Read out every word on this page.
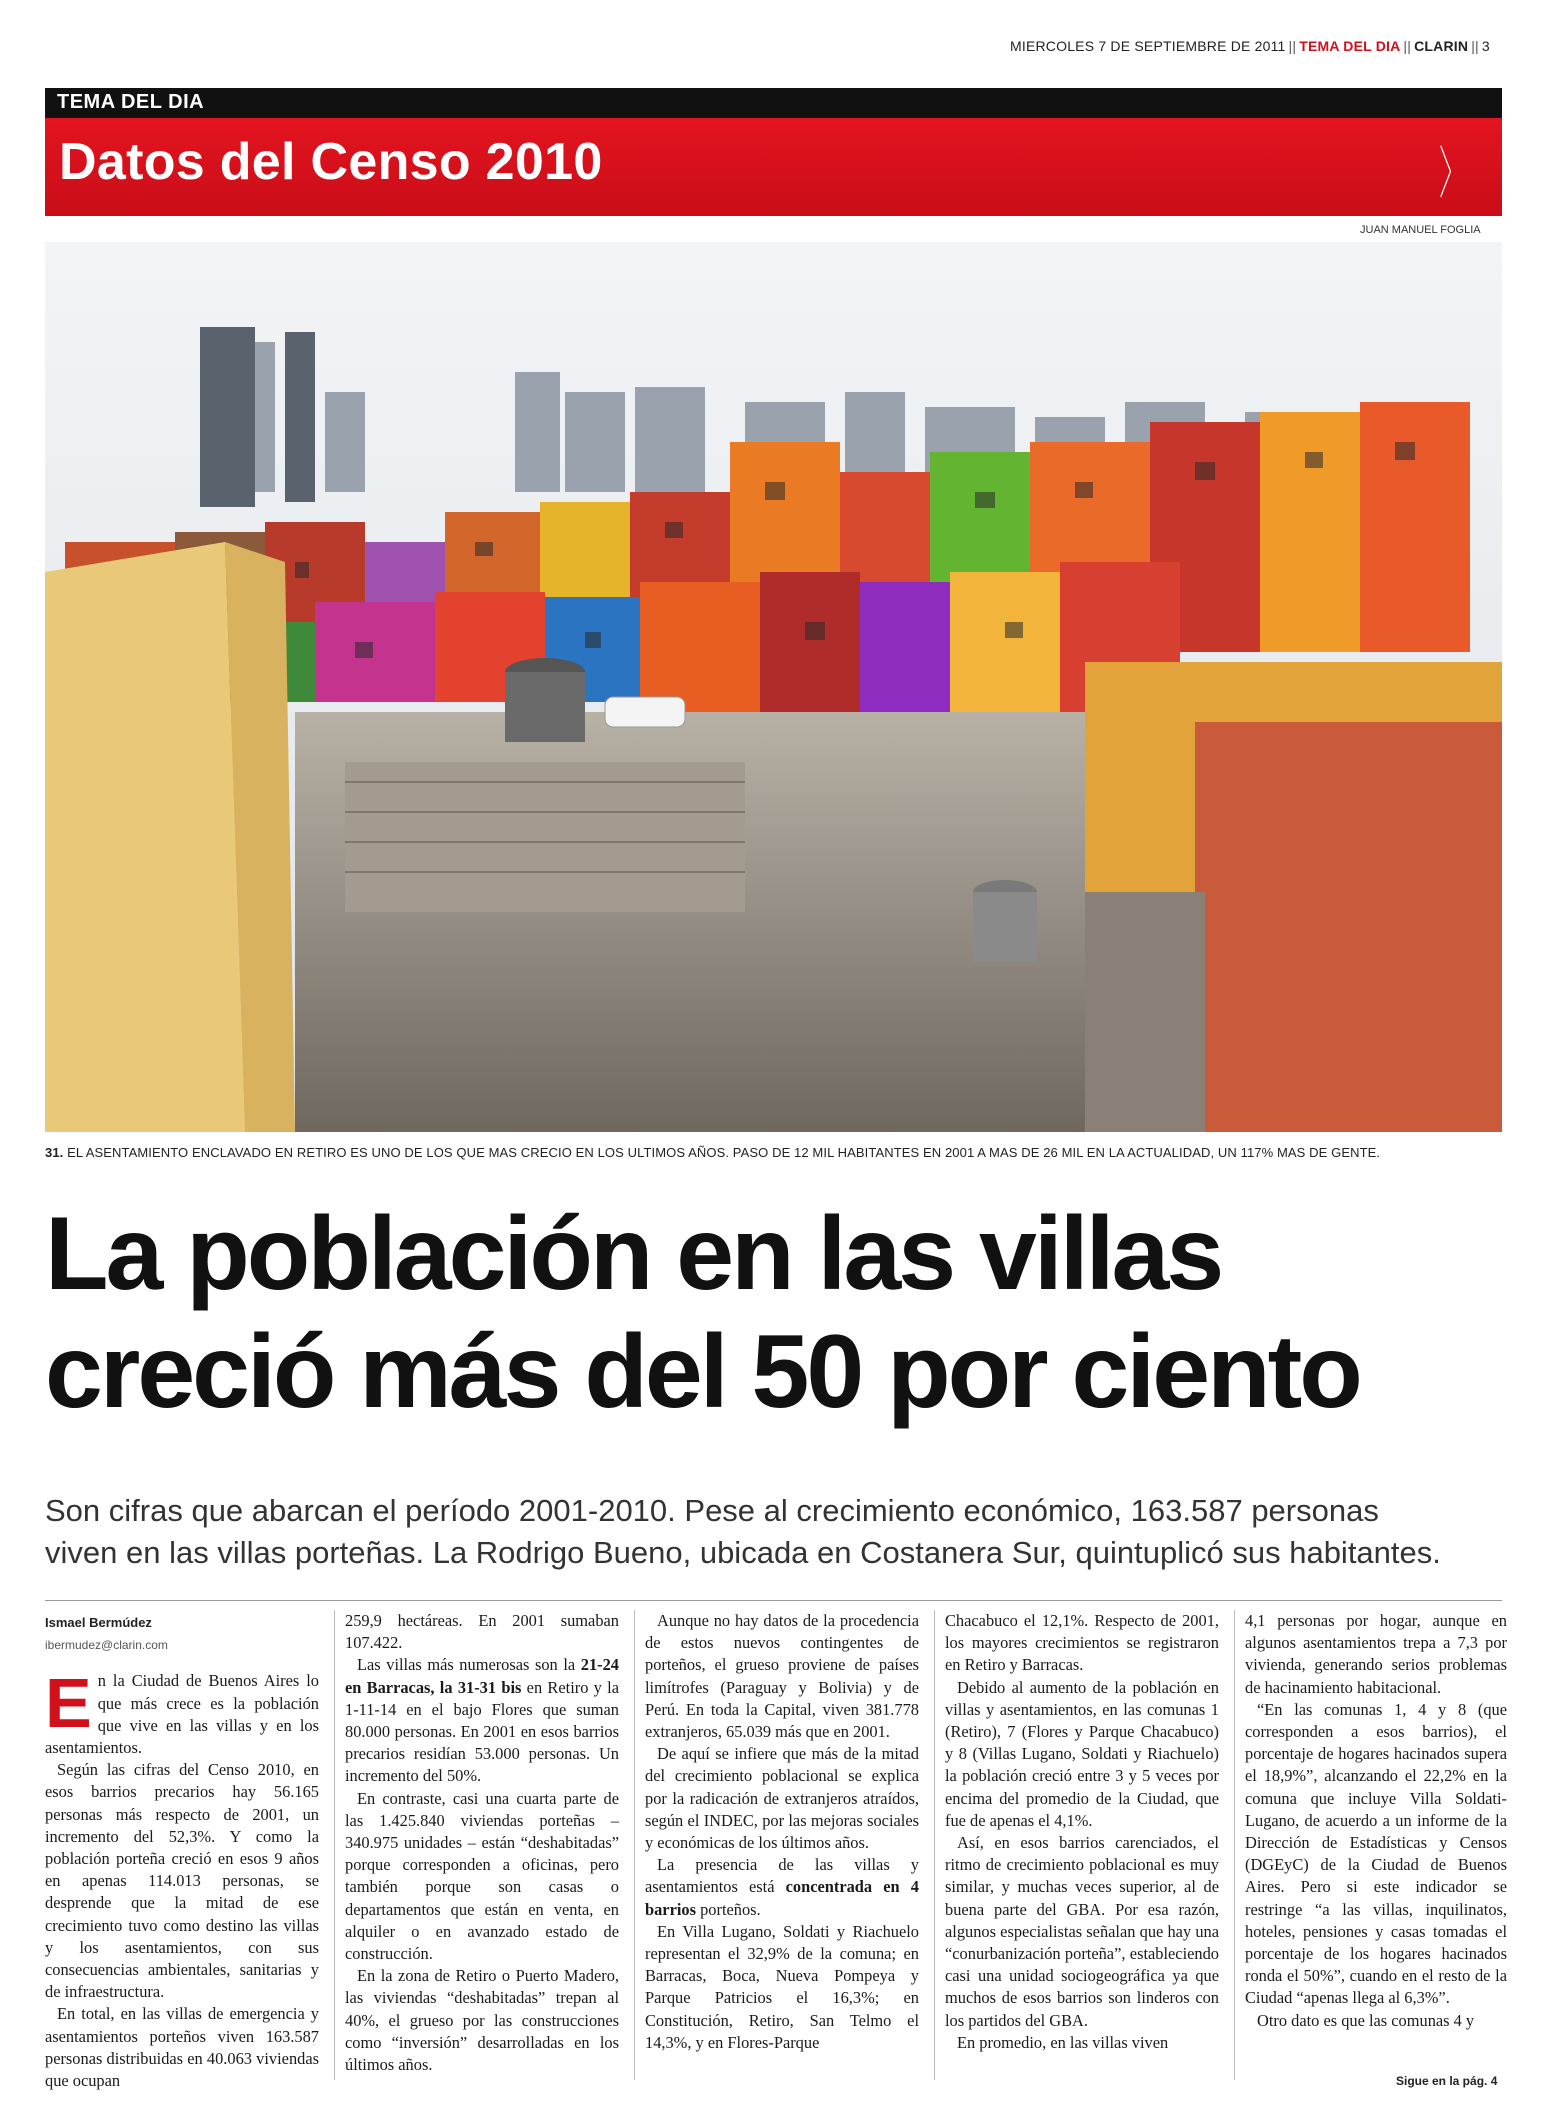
MIERCOLES 7 DE SEPTIEMBRE DE 2011 || TEMA DEL DIA || CLARIN || 3
TEMA DEL DIA
Datos del Censo 2010	〉
JUAN MANUEL FOGLIA
31. EL ASENTAMIENTO ENCLAVADO EN RETIRO ES UNO DE LOS QUE MAS CRECIO EN LOS ULTIMOS AÑOS. PASO DE 12 MIL HABITANTES EN 2001 A MAS DE 26 MIL EN LA ACTUALIDAD, UN 117% MAS DE GENTE.
La población en las villas
creció más del 50 por ciento
Son cifras que abarcan el período 2001-2010. Pese al crecimiento económico, 163.587 personas
viven en las villas porteñas. La Rodrigo Bueno, ubicada en Costanera Sur, quintuplicó sus habitantes.
Ismael Bermúdez
ibermudez@clarin.com

En la Ciudad de Buenos Aires lo que más crece es la población que vive en las villas y en los asentamientos.

Según las cifras del Censo 2010, en esos barrios precarios hay 56.165 personas más respecto de 2001, un incremento del 52,3%. Y como la población porteña creció en esos 9 años en apenas 114.013 personas, se desprende que la mitad de ese crecimiento tuvo como destino las villas y los asentamientos, con sus consecuencias ambientales, sanitarias y de infraestructura.

En total, en las villas de emergencia y asentamientos porteños viven 163.587 personas distribuidas en 40.063 viviendas que ocupan

259,9 hectáreas. En 2001 sumaban 107.422.

Las villas más numerosas son la 21-24 en Barracas, la 31-31 bis en Retiro y la 1-11-14 en el bajo Flores que suman 80.000 personas. En 2001 en esos barrios precarios residían 53.000 personas. Un incremento del 50%.

En contraste, casi una cuarta parte de las 1.425.840 viviendas porteñas – 340.975 unidades – están “deshabitadas” porque corresponden a oficinas, pero también porque son casas o departamentos que están en venta, en alquiler o en avanzado estado de construcción.

En la zona de Retiro o Puerto Madero, las viviendas “deshabitadas” trepan al 40%, el grueso por las construcciones como “inversión” desarrolladas en los últimos años.

Aunque no hay datos de la procedencia de estos nuevos contingentes de porteños, el grueso proviene de países limítrofes (Paraguay y Bolivia) y de Perú. En toda la Capital, viven 381.778 extranjeros, 65.039 más que en 2001.

De aquí se infiere que más de la mitad del crecimiento poblacional se explica por la radicación de extranjeros atraídos, según el INDEC, por las mejoras sociales y económicas de los últimos años.

La presencia de las villas y asentamientos está concentrada en 4 barrios porteños.

En Villa Lugano, Soldati y Riachuelo representan el 32,9% de la comuna; en Barracas, Boca, Nueva Pompeya y Parque Patricios el 16,3%; en Constitución, Retiro, San Telmo el 14,3%, y en Flores-Parque

Chacabuco el 12,1%. Respecto de 2001, los mayores crecimientos se registraron en Retiro y Barracas.

Debido al aumento de la población en villas y asentamientos, en las comunas 1 (Retiro), 7 (Flores y Parque Chacabuco) y 8 (Villas Lugano, Soldati y Riachuelo) la población creció entre 3 y 5 veces por encima del promedio de la Ciudad, que fue de apenas el 4,1%.

Así, en esos barrios carenciados, el ritmo de crecimiento poblacional es muy similar, y muchas veces superior, al de buena parte del GBA. Por esa razón, algunos especialistas señalan que hay una “conurbanización porteña”, estableciendo casi una unidad sociogeográfica ya que muchos de esos barrios son linderos con los partidos del GBA.

En promedio, en las villas viven

4,1 personas por hogar, aunque en algunos asentamientos trepa a 7,3 por vivienda, generando serios problemas de hacinamiento habitacional.

“En las comunas 1, 4 y 8 (que corresponden a esos barrios), el porcentaje de hogares hacinados supera el 18,9%”, alcanzando el 22,2% en la comuna que incluye Villa Soldati-Lugano, de acuerdo a un informe de la Dirección de Estadísticas y Censos (DGEyC) de la Ciudad de Buenos Aires. Pero si este indicador se restringe “a las villas, inquilinatos, hoteles, pensiones y casas tomadas el porcentaje de los hogares hacinados ronda el 50%”, cuando en el resto de la Ciudad “apenas llega al 6,3%”.

Otro dato es que las comunas 4 y

Sigue en la pág. 4
